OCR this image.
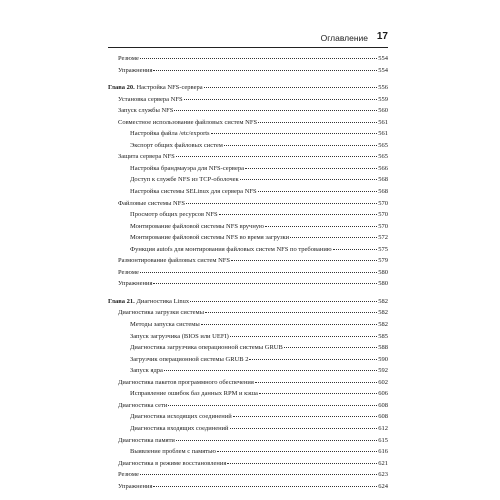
Оглавление 17
Резюме	554
Упражнения	554
Глава 20. Настройка NFS-сервера	556
Установка сервера NFS	559
Запуск службы NFS	560
Совместное использование файловых систем NFS	561
Настройка файла /etc/exports	561
Экспорт общих файловых систем	565
Защита сервера NFS	565
Настройка брандмауэра для NFS-сервера	566
Доступ к службе NFS из TCP-оболочек	568
Настройка системы SELinux для сервера NFS	568
Файловые системы NFS	570
Просмотр общих ресурсов NFS	570
Монтирование файловой системы NFS вручную	570
Монтирование файловой системы NFS во время загрузки	572
Функция autofs для монтирования файловых систем NFS по требованию	575
Размонтирование файловых систем NFS	579
Резюме	580
Упражнения	580
Глава 21. Диагностика Linux	582
Диагностика загрузки системы	582
Методы запуска системы	582
Запуск загрузчика (BIOS или UEFI)	585
Диагностика загрузчика операционной системы GRUB	588
Загрузчик операционной системы GRUB 2	590
Запуск ядра	592
Диагностика пакетов программного обеспечения	602
Исправление ошибок баз данных RPM и кэша	606
Диагностика сети	608
Диагностика исходящих соединений	608
Диагностика входящих соединений	612
Диагностика памяти	615
Выявление проблем с памятью	616
Диагностика в режиме восстановления	621
Резюме	623
Упражнения	624
